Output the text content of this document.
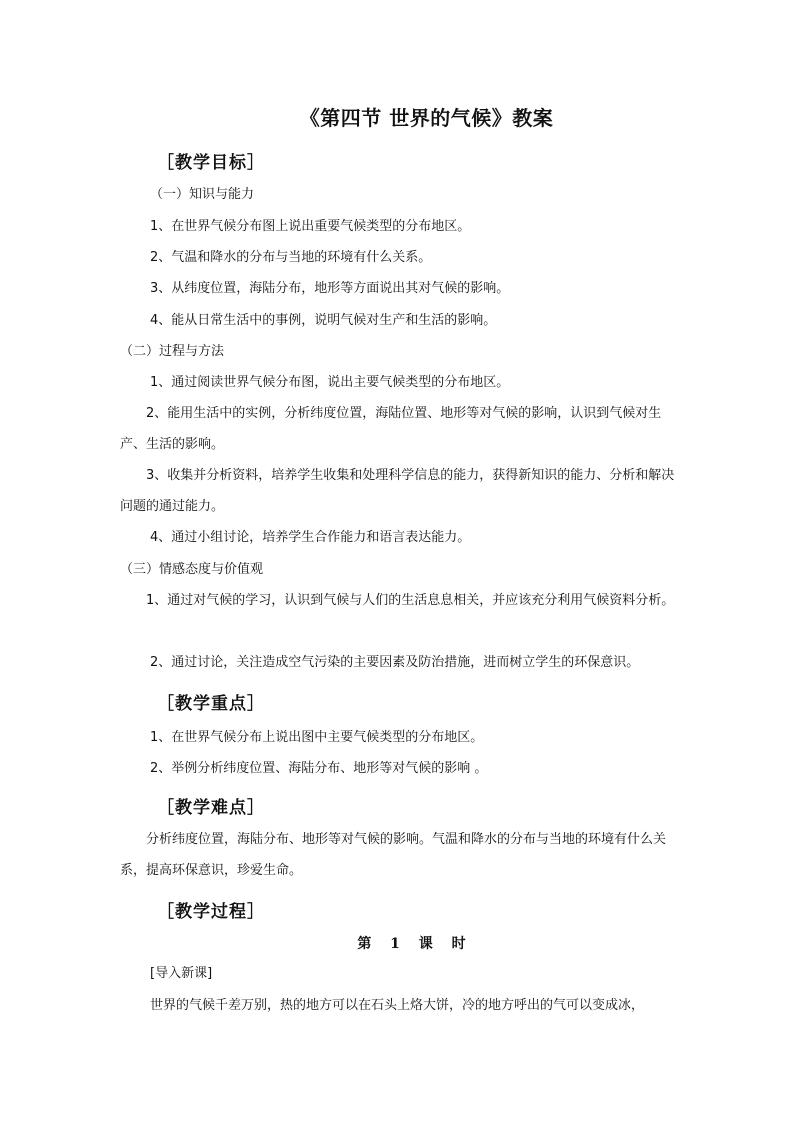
《第四节 世界的气候》教案
［教学目标］
（一）知识与能力
1、在世界气候分布图上说出重要气候类型的分布地区。
2、气温和降水的分布与当地的环境有什么关系。
3、从纬度位置，海陆分布，地形等方面说出其对气候的影响。
4、能从日常生活中的事例，说明气候对生产和生活的影响。
（二）过程与方法
1、通过阅读世界气候分布图，说出主要气候类型的分布地区。
2、能用生活中的实例，分析纬度位置，海陆位置、地形等对气候的影响，认识到气候对生产、生活的影响。
3、收集并分析资料，培养学生收集和处理科学信息的能力，获得新知识的能力、分析和解决问题的通过能力。
4、通过小组讨论，培养学生合作能力和语言表达能力。
（三）情感态度与价值观
1、通过对气候的学习，认识到气候与人们的生活息息相关，并应该充分利用气候资料分析。
2、通过讨论，关注造成空气污染的主要因素及防治措施，进而树立学生的环保意识。
［教学重点］
1、在世界气候分布上说出图中主要气候类型的分布地区。
2、举例分析纬度位置、海陆分布、地形等对气候的影响 。
［教学难点］
分析纬度位置，海陆分布、地形等对气候的影响。气温和降水的分布与当地的环境有什么关系，提高环保意识，珍爱生命。
［教学过程］
第 1 课 时
[导入新课]
世界的气候千差万别，热的地方可以在石头上烙大饼，冷的地方呼出的气可以变成冰，
